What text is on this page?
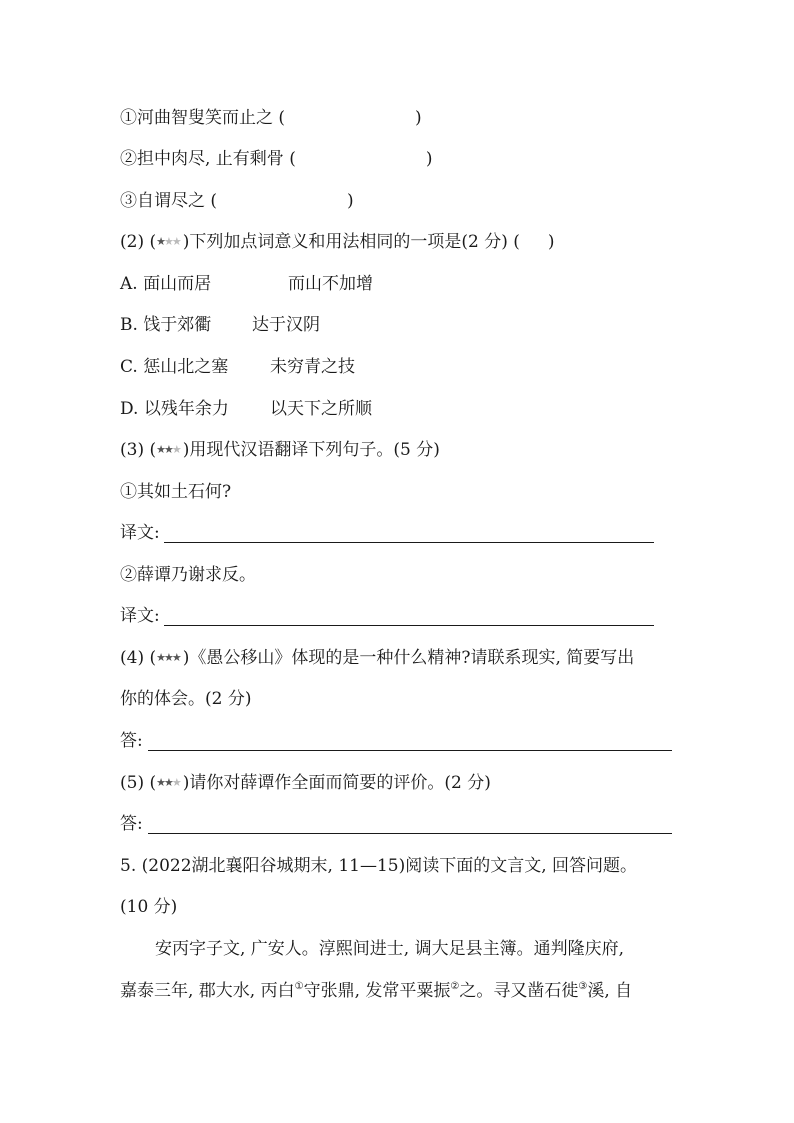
①河曲智叟笑而止之 (	)
②担中肉尽, 止有剩骨 (	)
③自谓尽之 (	)
(2) (★★★ )下列加点词意义和用法相同的一项是(2 分) ( )
A. 面山而居	而山不加增
B. 饯于郊衢 达于汉阴
C. 惩山北之塞 未穷青之技
D. 以残年余力 以天下之所顺
(3) (★★★ )用现代汉语翻译下列句子。(5 分)
①其如土石何?
译文:
②薛谭乃谢求反。
译文:
(4) (★★★ )《愚公移山》体现的是一种什么精神?请联系现实, 简要写出
你的体会。(2 分)
答:
(5) (★★★ )请你对薛谭作全面而简要的评价。(2 分)
答:
5. (2022湖北襄阳谷城期末, 11—15)阅读下面的文言文, 回答问题。
(10 分)
安丙字子文, 广安人。淳熙间进士, 调大足县主簿。通判隆庆府,
嘉泰三年, 郡大水, 丙白①守张鼎, 发常平粟振②之。寻又凿石徙③溪, 自
